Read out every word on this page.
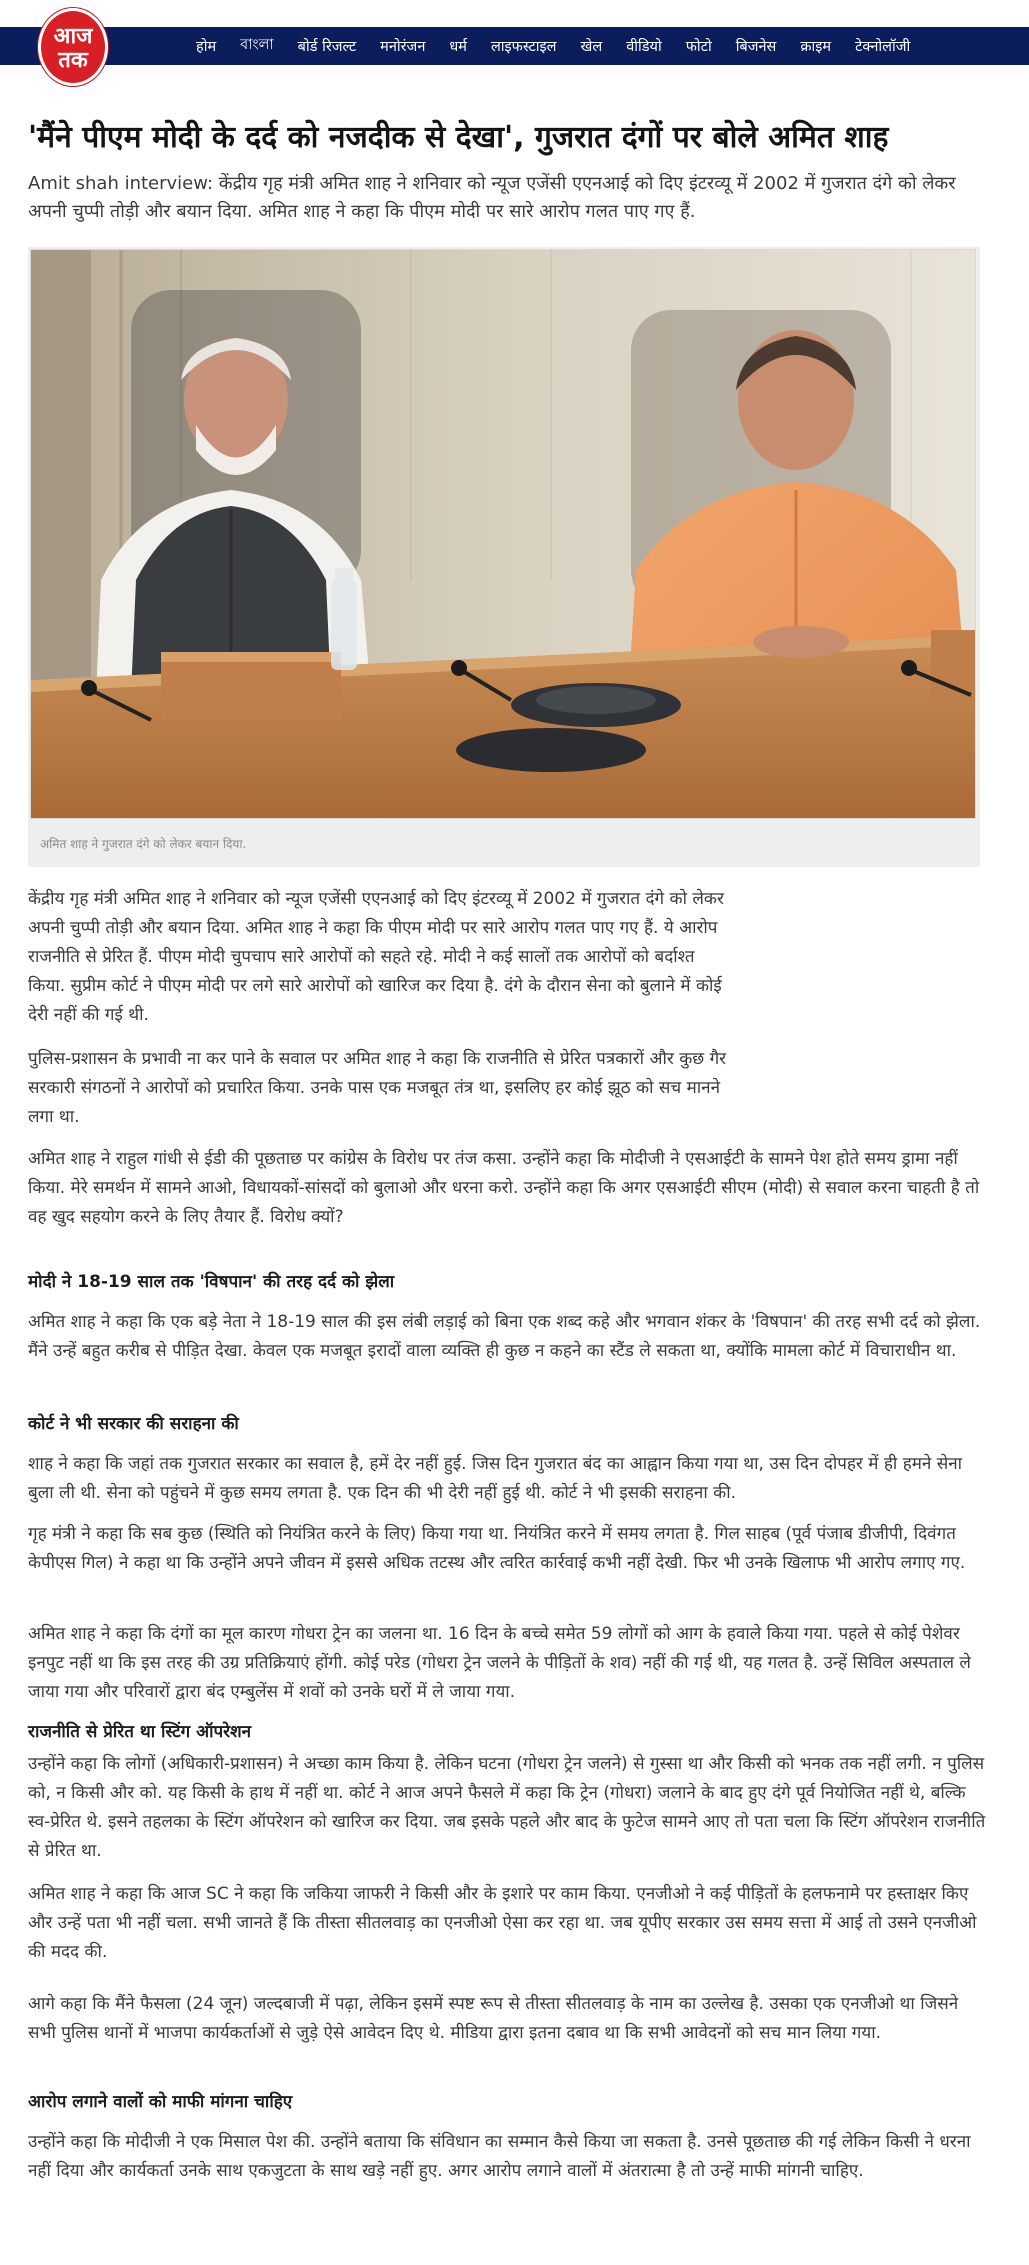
आज
तक
होम বাংলা बोर्ड रिजल्ट मनोरंजन धर्म लाइफस्टाइल खेल वीडियो फोटो बिजनेस क्राइम टेक्नोलॉजी
'मैंने पीएम मोदी के दर्द को नजदीक से देखा', गुजरात दंगों पर बोले अमित शाह

Amit shah interview: केंद्रीय गृह मंत्री अमित शाह ने शनिवार को न्यूज एजेंसी एएनआई को दिए इंटरव्यू में 2002 में गुजरात दंगे को लेकर अपनी चुप्पी तोड़ी और बयान दिया. अमित शाह ने कहा कि पीएम मोदी पर सारे आरोप गलत पाए गए हैं.

अमित शाह ने गुजरात दंगे को लेकर बयान दिया.

केंद्रीय गृह मंत्री अमित शाह ने शनिवार को न्यूज एजेंसी एएनआई को दिए इंटरव्यू में 2002 में गुजरात दंगे को लेकर अपनी चुप्पी तोड़ी और बयान दिया. अमित शाह ने कहा कि पीएम मोदी पर सारे आरोप गलत पाए गए हैं. ये आरोप राजनीति से प्रेरित हैं. पीएम मोदी चुपचाप सारे आरोपों को सहते रहे. मोदी ने कई सालों तक आरोपों को बर्दाश्त किया. सुप्रीम कोर्ट ने पीएम मोदी पर लगे सारे आरोपों को खारिज कर दिया है. दंगे के दौरान सेना को बुलाने में कोई देरी नहीं की गई थी.

पुलिस-प्रशासन के प्रभावी ना कर पाने के सवाल पर अमित शाह ने कहा कि राजनीति से प्रेरित पत्रकारों और कुछ गैर सरकारी संगठनों ने आरोपों को प्रचारित किया. उनके पास एक मजबूत तंत्र था, इसलिए हर कोई झूठ को सच मानने लगा था.

अमित शाह ने राहुल गांधी से ईडी की पूछताछ पर कांग्रेस के विरोध पर तंज कसा. उन्होंने कहा कि मोदीजी ने एसआईटी के सामने पेश होते समय ड्रामा नहीं किया. मेरे समर्थन में सामने आओ, विधायकों-सांसदों को बुलाओ और धरना करो. उन्होंने कहा कि अगर एसआईटी सीएम (मोदी) से सवाल करना चाहती है तो वह खुद सहयोग करने के लिए तैयार हैं. विरोध क्यों?

मोदी ने 18-19 साल तक 'विषपान' की तरह दर्द को झेला

अमित शाह ने कहा कि एक बड़े नेता ने 18-19 साल की इस लंबी लड़ाई को बिना एक शब्द कहे और भगवान शंकर के 'विषपान' की तरह सभी दर्द को झेला. मैंने उन्हें बहुत करीब से पीड़ित देखा. केवल एक मजबूत इरादों वाला व्यक्ति ही कुछ न कहने का स्टैंड ले सकता था, क्योंकि मामला कोर्ट में विचाराधीन था.

कोर्ट ने भी सरकार की सराहना की

शाह ने कहा कि जहां तक गुजरात सरकार का सवाल है, हमें देर नहीं हुई. जिस दिन गुजरात बंद का आह्वान किया गया था, उस दिन दोपहर में ही हमने सेना बुला ली थी. सेना को पहुंचने में कुछ समय लगता है. एक दिन की भी देरी नहीं हुई थी. कोर्ट ने भी इसकी सराहना की.

गृह मंत्री ने कहा कि सब कुछ (स्थिति को नियंत्रित करने के लिए) किया गया था. नियंत्रित करने में समय लगता है. गिल साहब (पूर्व पंजाब डीजीपी, दिवंगत केपीएस गिल) ने कहा था कि उन्होंने अपने जीवन में इससे अधिक तटस्थ और त्वरित कार्रवाई कभी नहीं देखी. फिर भी उनके खिलाफ भी आरोप लगाए गए.

अमित शाह ने कहा कि दंगों का मूल कारण गोधरा ट्रेन का जलना था. 16 दिन के बच्चे समेत 59 लोगों को आग के हवाले किया गया. पहले से कोई पेशेवर इनपुट नहीं था कि इस तरह की उग्र प्रतिक्रियाएं होंगी. कोई परेड (गोधरा ट्रेन जलने के पीड़ितों के शव) नहीं की गई थी, यह गलत है. उन्हें सिविल अस्पताल ले जाया गया और परिवारों द्वारा बंद एम्बुलेंस में शवों को उनके घरों में ले जाया गया.

राजनीति से प्रेरित था स्टिंग ऑपरेशन

उन्होंने कहा कि लोगों (अधिकारी-प्रशासन) ने अच्छा काम किया है. लेकिन घटना (गोधरा ट्रेन जलने) से गुस्सा था और किसी को भनक तक नहीं लगी. न पुलिस को, न किसी और को. यह किसी के हाथ में नहीं था. कोर्ट ने आज अपने फैसले में कहा कि ट्रेन (गोधरा) जलाने के बाद हुए दंगे पूर्व नियोजित नहीं थे, बल्कि स्व-प्रेरित थे. इसने तहलका के स्टिंग ऑपरेशन को खारिज कर दिया. जब इसके पहले और बाद के फुटेज सामने आए तो पता चला कि स्टिंग ऑपरेशन राजनीति से प्रेरित था.

अमित शाह ने कहा कि आज SC ने कहा कि जकिया जाफरी ने किसी और के इशारे पर काम किया. एनजीओ ने कई पीड़ितों के हलफनामे पर हस्ताक्षर किए और उन्हें पता भी नहीं चला. सभी जानते हैं कि तीस्ता सीतलवाड़ का एनजीओ ऐसा कर रहा था. जब यूपीए सरकार उस समय सत्ता में आई तो उसने एनजीओ की मदद की.

आगे कहा कि मैंने फैसला (24 जून) जल्दबाजी में पढ़ा, लेकिन इसमें स्पष्ट रूप से तीस्ता सीतलवाड़ के नाम का उल्लेख है. उसका एक एनजीओ था जिसने सभी पुलिस थानों में भाजपा कार्यकर्ताओं से जुड़े ऐसे आवेदन दिए थे. मीडिया द्वारा इतना दबाव था कि सभी आवेदनों को सच मान लिया गया.

आरोप लगाने वालों को माफी मांगना चाहिए

उन्होंने कहा कि मोदीजी ने एक मिसाल पेश की. उन्होंने बताया कि संविधान का सम्मान कैसे किया जा सकता है. उनसे पूछताछ की गई लेकिन किसी ने धरना नहीं दिया और कार्यकर्ता उनके साथ एकजुटता के साथ खड़े नहीं हुए. अगर आरोप लगाने वालों में अंतरात्मा है तो उन्हें माफी मांगनी चाहिए.
